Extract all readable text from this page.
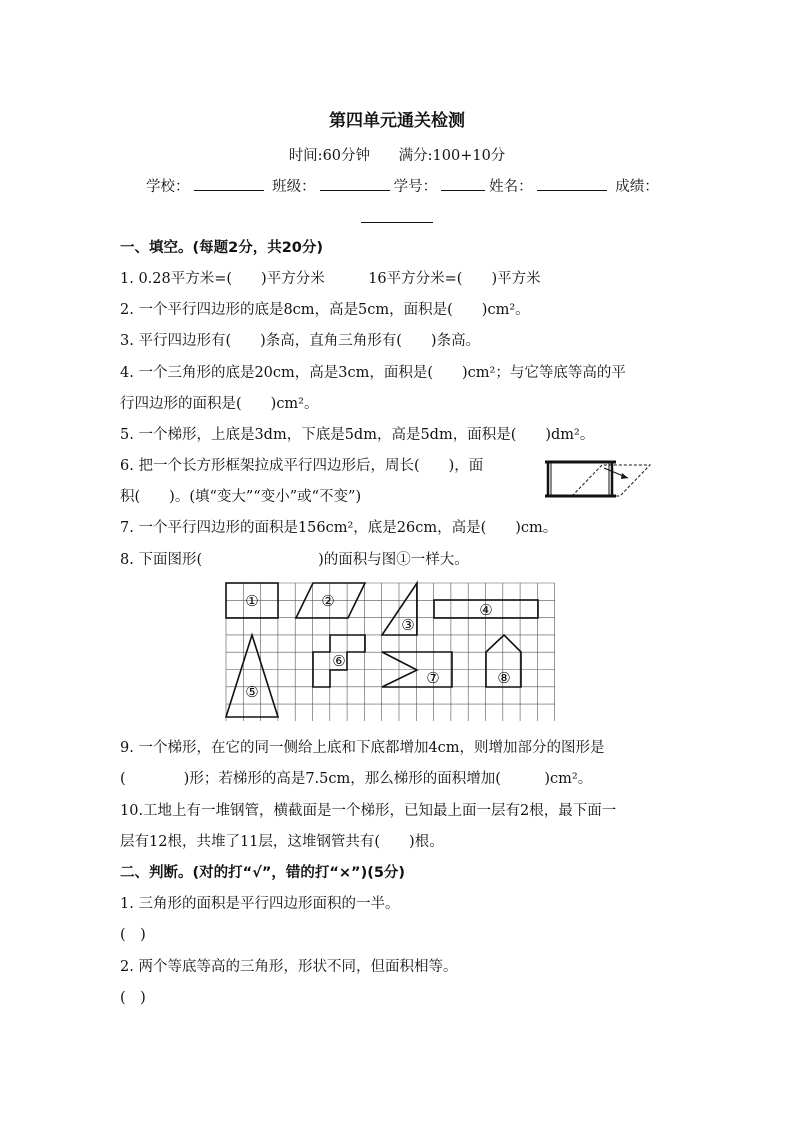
第四单元通关检测
时间:60分钟 满分:100+10分
学校：	班级：	学号：	姓名：	成绩：
一、填空。(每题2分，共20分)
1. 0.28平方米=(　　)平方分米　　　16平方分米=(　　)平方米
2. 一个平行四边形的底是8cm，高是5cm，面积是(　　)cm²。
3. 平行四边形有(　　)条高，直角三角形有(　　)条高。
4. 一个三角形的底是20cm，高是3cm，面积是(　　)cm²；与它等底等高的平
行四边形的面积是(　　)cm²。
5. 一个梯形，上底是3dm，下底是5dm，高是5dm，面积是(　　)dm²。
6. 把一个长方形框架拉成平行四边形后，周长(　　)，面
积(　　)。(填“变大”“变小”或“不变”)
7. 一个平行四边形的面积是156cm²，底是26cm，高是(　　)cm。
8. 下面图形(　　　　　　　　)的面积与图①一样大。
①	②
③
④
⑤
⑥
⑦	⑧
9. 一个梯形，在它的同一侧给上底和下底都增加4cm，则增加部分的图形是
(　　　　)形；若梯形的高是7.5cm，那么梯形的面积增加(　　　)cm²。
10.工地上有一堆钢管，横截面是一个梯形，已知最上面一层有2根，最下面一
层有12根，共堆了11层，这堆钢管共有(　　)根。
二、判断。(对的打“√”，错的打“×”)(5分)
1. 三角形的面积是平行四边形面积的一半。
(　)
2. 两个等底等高的三角形，形状不同，但面积相等。
(　)
